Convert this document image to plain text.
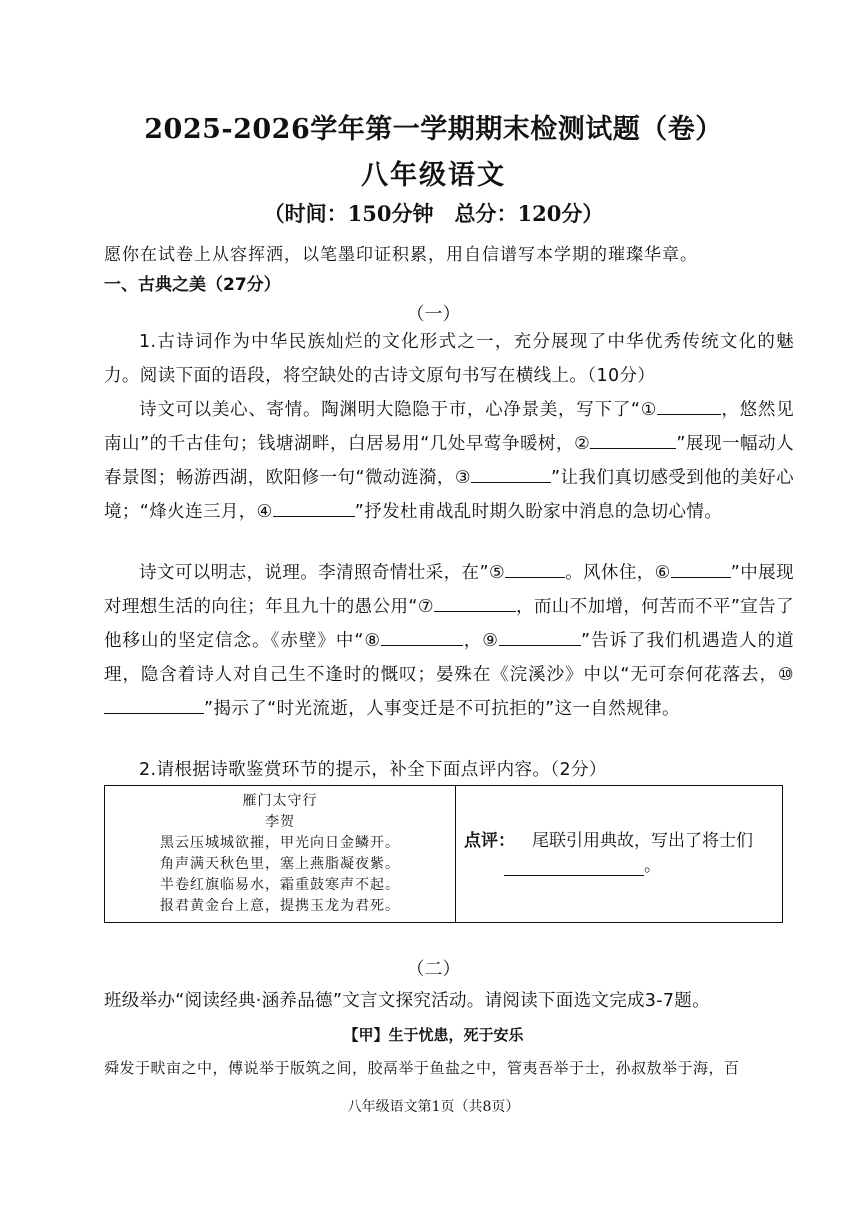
2025-2026学年第一学期期末检测试题（卷）
八年级语文
（时间：150分钟　总分：120分）
愿你在试卷上从容挥洒，以笔墨印证积累，用自信谱写本学期的璀璨华章。
一、古典之美（27分）
（一）

1.古诗词作为中华民族灿烂的文化形式之一，充分展现了中华优秀传统文化的魅力。阅读下面的语段，将空缺处的古诗文原句书写在横线上。（10分）

诗文可以美心、寄情。陶渊明大隐隐于市，心净景美，写下了“①	，悠然见南山”的千古佳句；钱塘湖畔，白居易用“几处早莺争暖树，②	”展现一幅动人春景图；畅游西湖，欧阳修一句“微动涟漪，③	”让我们真切感受到他的美好心境；“烽火连三月，④	”抒发杜甫战乱时期久盼家中消息的急切心情。

诗文可以明志，说理。李清照奇情壮采，在”⑤	。风休住，⑥	”中展现对理想生活的向往；年且九十的愚公用“⑦	，而山不加增，何苦而不平”宣告了他移山的坚定信念。《赤壁》中“⑧	，⑨	”告诉了我们机遇造人的道理，隐含着诗人对自己生不逢时的慨叹；晏殊在《浣溪沙》中以“无可奈何花落去，⑩”揭示了“时光流逝，人事变迁是不可抗拒的”这一自然规律。

2.请根据诗歌鉴赏环节的提示，补全下面点评内容。（2分）

雁门太守行
李贺
黑云压城城欲摧，甲光向日金鳞开。
角声满天秋色里，塞上燕脂凝夜紫。
半卷红旗临易水，霜重鼓寒声不起。
报君黄金台上意，提携玉龙为君死。

点评：  尾联引用典故，写出了将士们
。
（二）
班级举办“阅读经典·涵养品德”文言文探究活动。请阅读下面选文完成3-7题。
【甲】生于忧患，死于安乐
舜发于畎亩之中，傅说举于版筑之间，胶鬲举于鱼盐之中，管夷吾举于士，孙叔敖举于海，百
八年级语文第1页（共8页）
